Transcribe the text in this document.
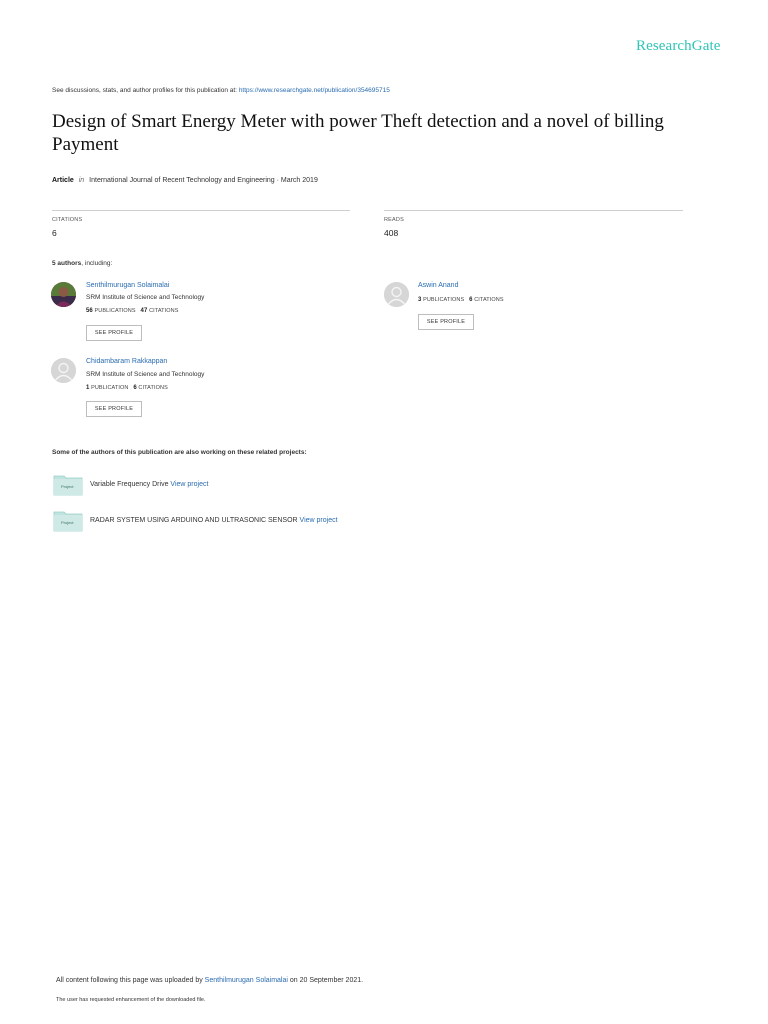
ResearchGate
See discussions, stats, and author profiles for this publication at: https://www.researchgate.net/publication/354695715
Design of Smart Energy Meter with power Theft detection and a novel of billing Payment
Article in International Journal of Recent Technology and Engineering · March 2019
CITATIONS
6
READS
408
5 authors, including:
Senthilmurugan Solaimalai
SRM Institute of Science and Technology
56 PUBLICATIONS 47 CITATIONS
SEE PROFILE
Aswin Anand
3 PUBLICATIONS 6 CITATIONS
SEE PROFILE
Chidambaram Rakkappan
SRM Institute of Science and Technology
1 PUBLICATION 6 CITATIONS
SEE PROFILE
Some of the authors of this publication are also working on these related projects:
Project Variable Frequency Drive View project
Project RADAR SYSTEM USING ARDUINO AND ULTRASONIC SENSOR View project
All content following this page was uploaded by Senthilmurugan Solaimalai on 20 September 2021.
The user has requested enhancement of the downloaded file.
